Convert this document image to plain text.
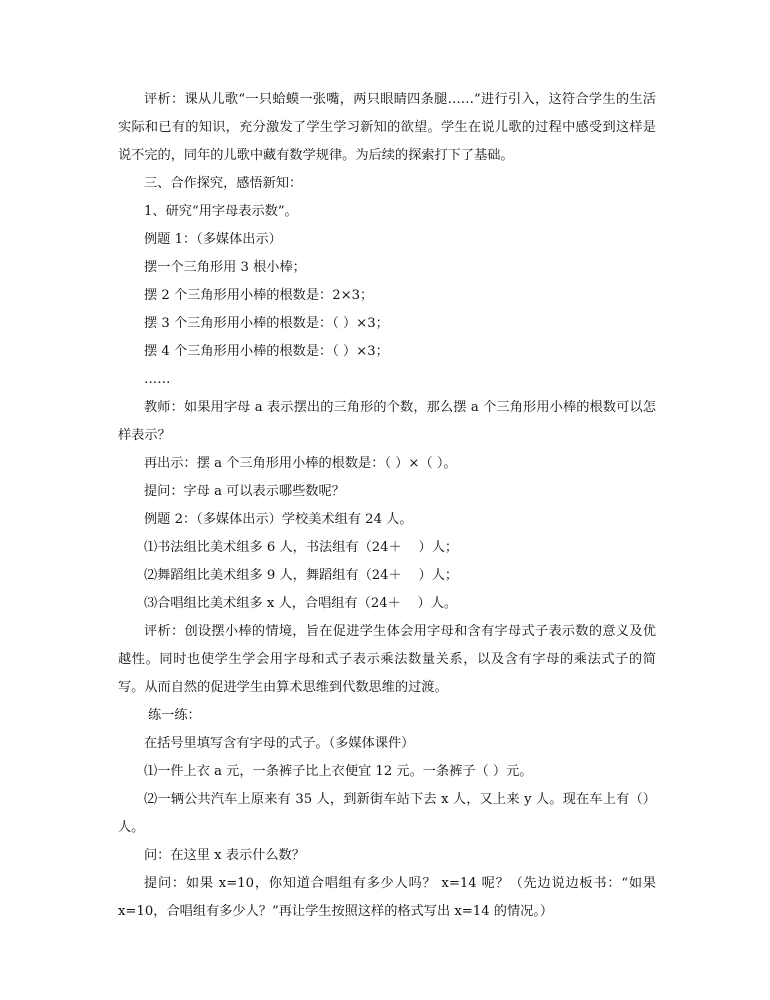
评析：课从儿歌“一只蛤蟆一张嘴，两只眼睛四条腿……”进行引入，这符合学生的生活实际和已有的知识，充分激发了学生学习新知的欲望。学生在说儿歌的过程中感受到这样是说不完的，同年的儿歌中藏有数学规律。为后续的探索打下了基础。

三、合作探究，感悟新知：

1、研究“用字母表示数”。

例题 1：（多媒体出示）

摆一个三角形用 3 根小棒；

摆 2 个三角形用小棒的根数是：2×3；

摆 3 个三角形用小棒的根数是：（ ）×3；

摆 4 个三角形用小棒的根数是：（ ）×3；

……

教师：如果用字母 a 表示摆出的三角形的个数，那么摆 a 个三角形用小棒的根数可以怎样表示？

再出示：摆 a 个三角形用小棒的根数是：（ ）×（ ）。

提问：字母 a 可以表示哪些数呢？

例题 2：（多媒体出示）学校美术组有 24 人。

⑴书法组比美术组多 6 人，书法组有（24＋    ）人；

⑵舞蹈组比美术组多 9 人，舞蹈组有（24＋    ）人；

⑶合唱组比美术组多 x 人，合唱组有（24＋    ）人。

评析：创设摆小棒的情境，旨在促进学生体会用字母和含有字母式子表示数的意义及优越性。同时也使学生学会用字母和式子表示乘法数量关系，以及含有字母的乘法式子的简写。从而自然的促进学生由算术思维到代数思维的过渡。

练一练：

在括号里填写含有字母的式子。（多媒体课件）

⑴一件上衣 a 元，一条裤子比上衣便宜 12 元。一条裤子（ ）元。

⑵一辆公共汽车上原来有 35 人，到新街车站下去 x 人，又上来 y 人。现在车上有（）人。

问：在这里 x 表示什么数？

提问：如果 x=10，你知道合唱组有多少人吗？ x=14 呢？（先边说边板书：“如果x=10，合唱组有多少人？”再让学生按照这样的格式写出 x=14 的情况。）
